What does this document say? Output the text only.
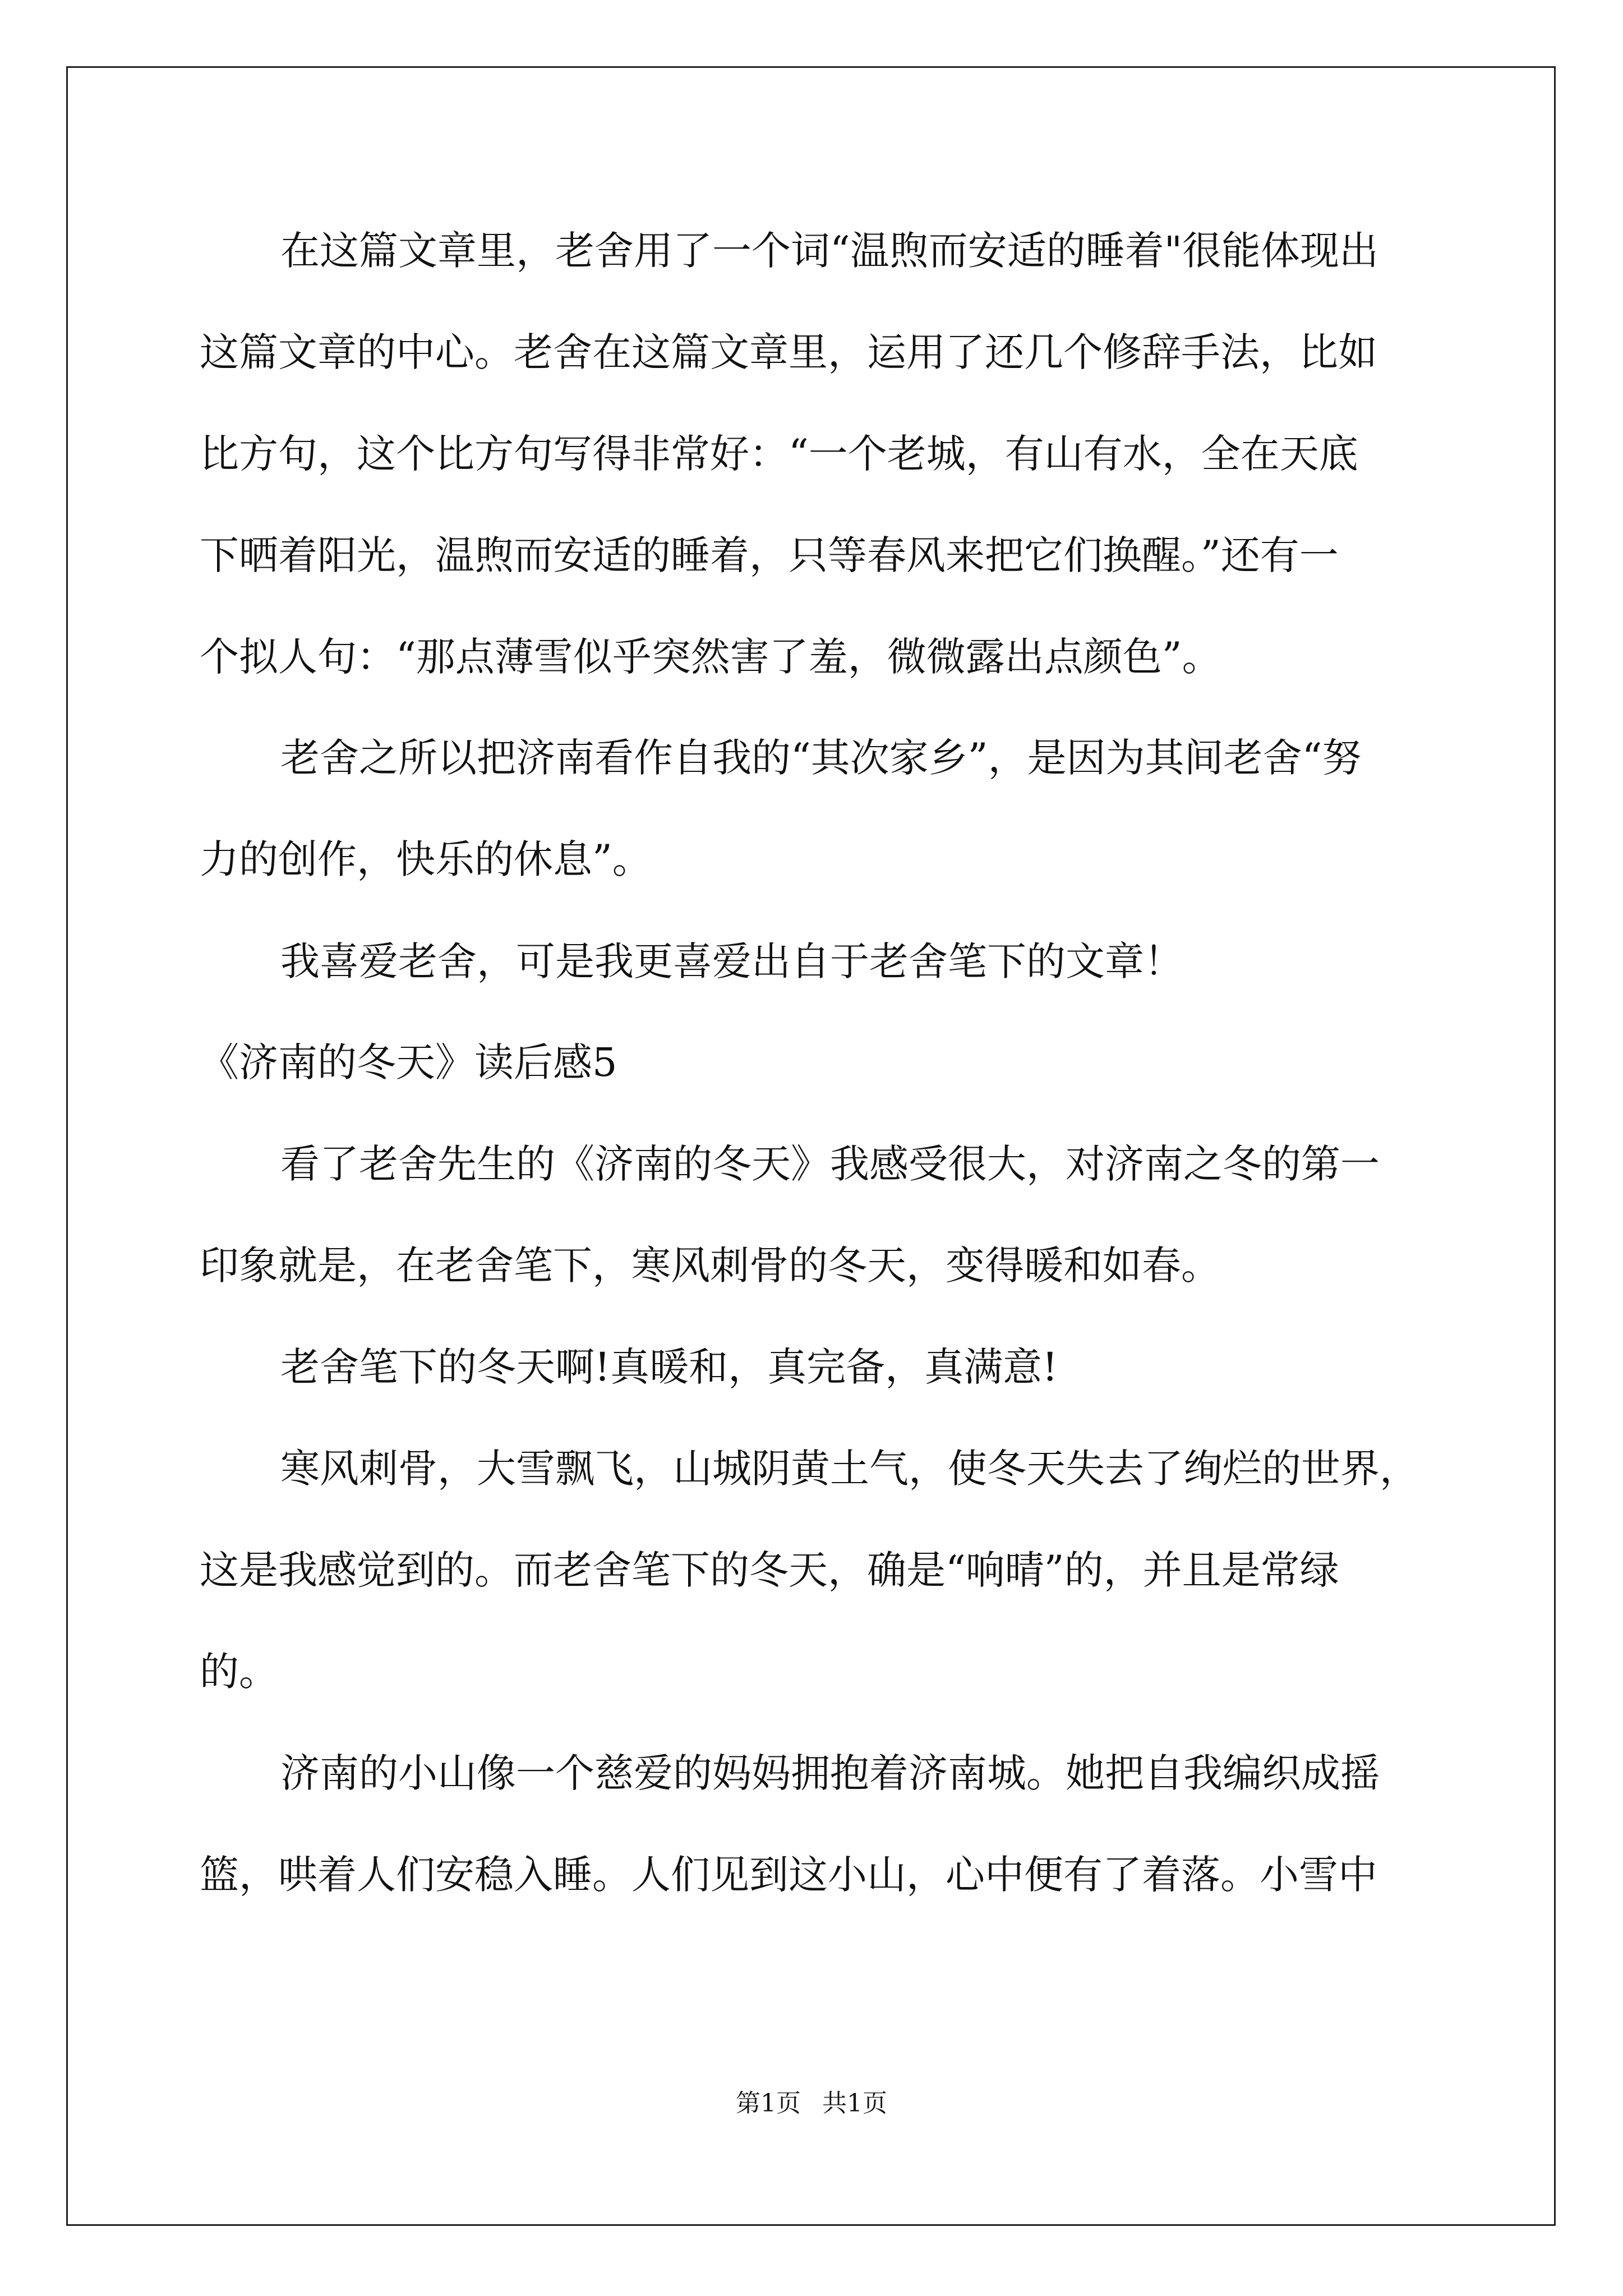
在这篇文章里，老舍用了一个词“温煦而安适的睡着"很能体现出
这篇文章的中心。老舍在这篇文章里，运用了还几个修辞手法，比如
比方句，这个比方句写得非常好：“一个老城，有山有水，全在天底
下晒着阳光，温煦而安适的睡着，只等春风来把它们换醒。”还有一
个拟人句：“那点薄雪似乎突然害了羞，微微露出点颜色”。
老舍之所以把济南看作自我的“其次家乡”，是因为其间老舍“努
力的创作，快乐的休息”。
我喜爱老舍，可是我更喜爱出自于老舍笔下的文章！
《济南的冬天》读后感5
看了老舍先生的《济南的冬天》我感受很大，对济南之冬的第一
印象就是，在老舍笔下，寒风刺骨的冬天，变得暖和如春。
老舍笔下的冬天啊!真暖和，真完备，真满意!
寒风刺骨，大雪飘飞，山城阴黄土气，使冬天失去了绚烂的世界，
这是我感觉到的。而老舍笔下的冬天，确是“响晴”的，并且是常绿
的。
济南的小山像一个慈爱的妈妈拥抱着济南城。她把自我编织成摇
篮，哄着人们安稳入睡。人们见到这小山，心中便有了着落。小雪中
第1页 共1页
